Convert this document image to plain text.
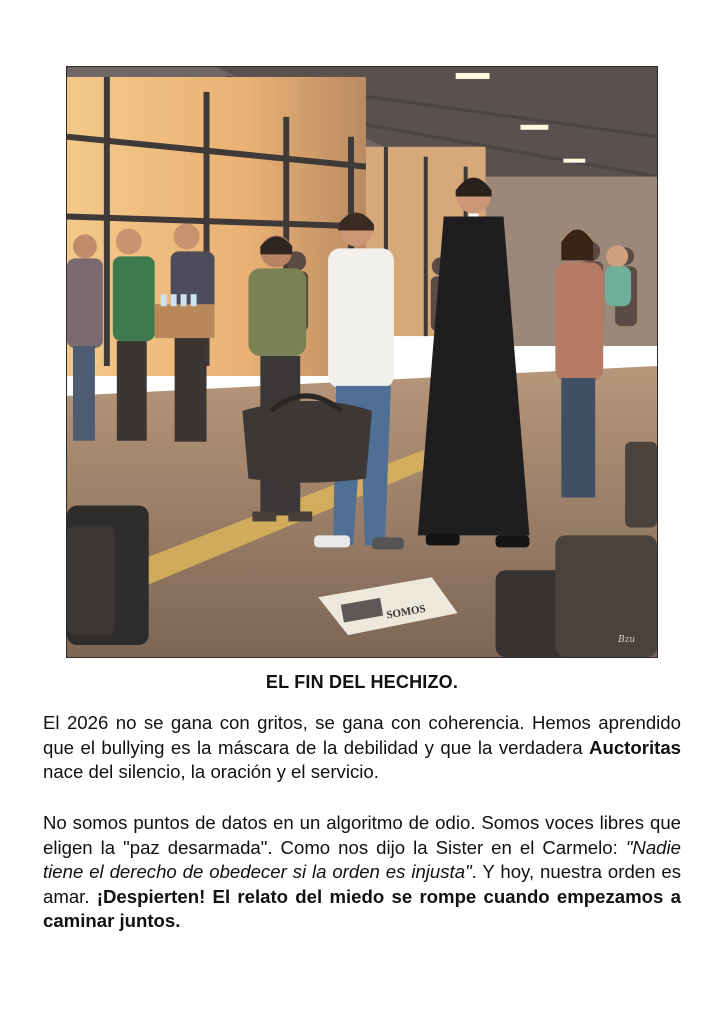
SOMOS
Bzu
EL FIN DEL HECHIZO.

El 2026 no se gana con gritos, se gana con coherencia. Hemos aprendido que el bullying es la máscara de la debilidad y que la verdadera Auctoritas nace del silencio, la oración y el servicio.

No somos puntos de datos en un algoritmo de odio. Somos voces libres que eligen la "paz desarmada". Como nos dijo la Sister en el Carmelo: "Nadie tiene el derecho de obedecer si la orden es injusta". Y hoy, nuestra orden es amar. ¡Despierten! El relato del miedo se rompe cuando empezamos a caminar juntos.
